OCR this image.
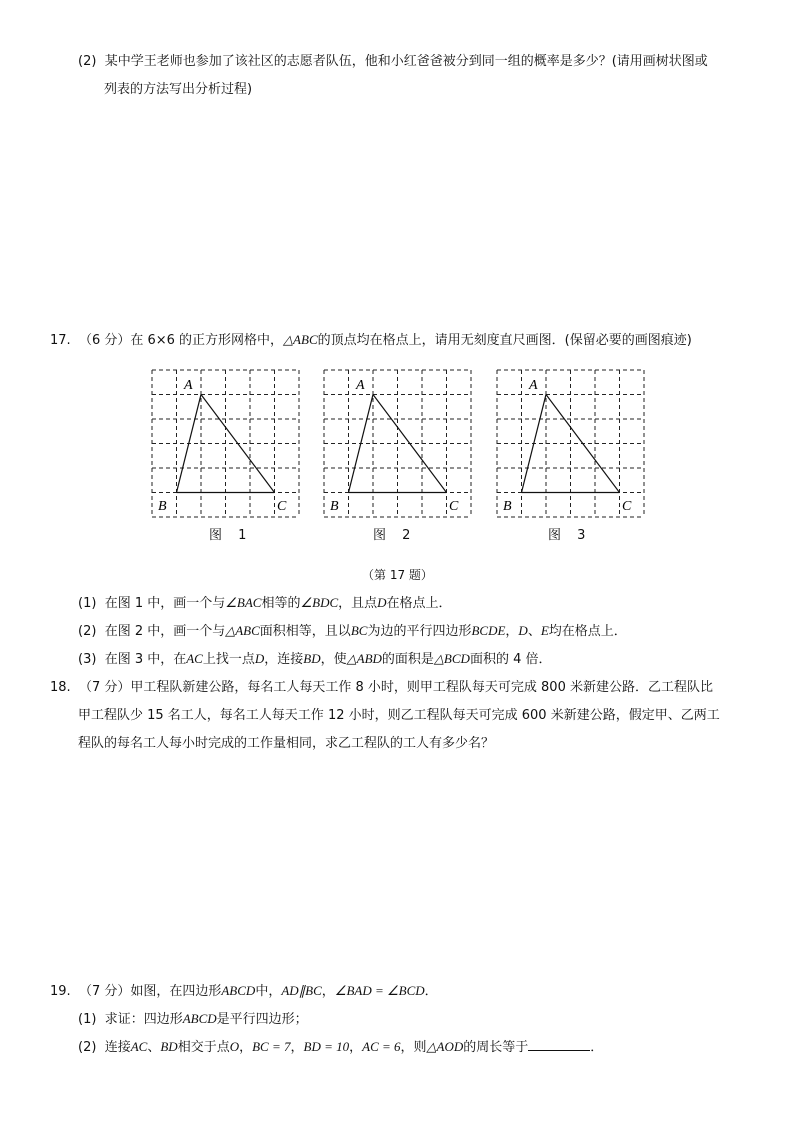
(2) 某中学王老师也参加了该社区的志愿者队伍，他和小红爸爸被分到同一组的概率是多少？(请用画树状图或
列表的方法写出分析过程)
17. （6 分）在 6×6 的正方形网格中，△ABC的顶点均在格点上，请用无刻度直尺画图．(保留必要的画图痕迹)
A
B	C
A
B	C
A
B	C
图 1	图 2	图 3
（第 17 题）
(1) 在图 1 中，画一个与∠BAC相等的∠BDC，且点D在格点上．
(2) 在图 2 中，画一个与△ABC面积相等，且以BC为边的平行四边形BCDE，D、E均在格点上．
(3) 在图 3 中，在AC上找一点D，连接BD，使△ABD的面积是△BCD面积的 4 倍．
18. （7 分）甲工程队新建公路，每名工人每天工作 8 小时，则甲工程队每天可完成 800 米新建公路．乙工程队比
甲工程队少 15 名工人，每名工人每天工作 12 小时，则乙工程队每天可完成 600 米新建公路，假定甲、乙两工
程队的每名工人每小时完成的工作量相同，求乙工程队的工人有多少名？
19. （7 分）如图，在四边形ABCD中，AD∥BC，∠BAD = ∠BCD．
(1) 求证：四边形ABCD是平行四边形；
(2) 连接AC、BD相交于点O，BC = 7，BD = 10，AC = 6，则△AOD的周长等于	．
